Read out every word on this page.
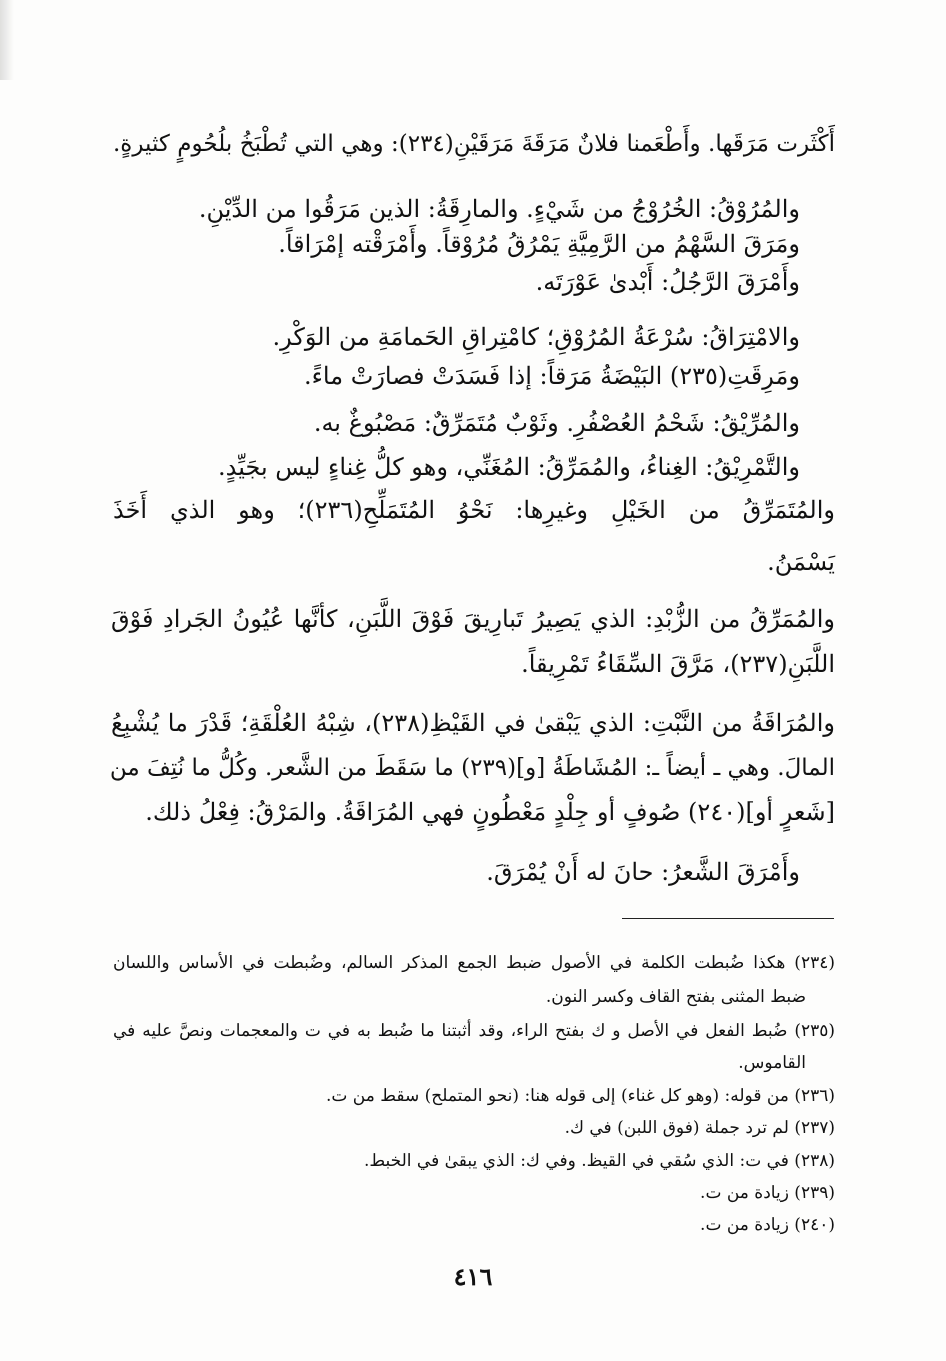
أَكْثَرت مَرَقَها. وأَطْعَمنا فلانٌ مَرَقَةَ مَرَقَيْنِ(٢٣٤): وهي التي تُطْبَخُ بلُحُومٍ كثيرةٍ.
والمُرُوْقُ: الخُرُوْجُ من شَيْءٍ. والمارِقَةُ: الذين مَرَقُوا من الدِّيْنِ.
ومَرَقَ السَّهْمُ من الرَّمِيَّةِ يَمْرُقُ مُرُوْقاً. وأَمْرَقْته إمْرَاقاً.
وأَمْرَقَ الرَّجُلُ: أَبْدىٰ عَوْرَتَه.
والامْتِرَاقُ: سُرْعَةُ المُرُوْقِ؛ كامْتِراقِ الحَمامَةِ من الوَكْرِ.
ومَرِقَتِ(٢٣٥) البَيْضَةُ مَرَقاً: إذا فَسَدَتْ فصارَتْ ماءً.
والمُرِّيْقُ: شَحْمُ العُصْفُرِ. وثَوْبٌ مُتَمَرِّقٌ: مَصْبُوغٌ به.
والتَّمْرِيْقُ: الغِناءُ، والمُمَرِّقُ: المُغَنِّي، وهو كلُّ غِناءٍ ليس بجَيِّدٍ.
والمُتَمَرِّقُ من الخَيْلِ وغيرِها: نَحْوُ المُتَمَلِّحِ(٢٣٦)؛ وهو الذي أَخَذَ
يَسْمَنُ.
والمُمَرِّقُ من الزُّبْدِ: الذي يَصِيرُ تَبارِيقَ فَوْقَ اللَّبَنِ، كأنَّها عُيُونُ الجَرادِ فَوْقَ
اللَّبَنِ(٢٣٧)، مَرَّقَ السِّقَاءُ تَمْرِيقاً.
والمُرَاقَةُ من النَّبْتِ: الذي يَبْقىٰ في القَيْظِ(٢٣٨)، شِبْهُ العُلْقَةِ؛ قَدْرَ ما يُشْبِعُ
المالَ. وهي ـ أيضاً ـ: المُشَاطَةُ [و](٢٣٩) ما سَقَطَ من الشَّعر. وكُلُّ ما نُتِفَ من
[شَعرٍ أو](٢٤٠) صُوفٍ أو جِلْدٍ مَعْطُونٍ فهي المُرَاقَةُ. والمَرْقُ: فِعْلُ ذلك.
وأَمْرَقَ الشَّعرُ: حانَ له أَنْ يُمْرَقَ.
(٢٣٤) هكذا ضُبطت الكلمة في الأصول ضبط الجمع المذكر السالم، وضُبطت في الأساس واللسان
ضبط المثنى بفتح القاف وكسر النون.
(٢٣٥) ضُبط الفعل في الأصل و ك بفتح الراء، وقد أثبتنا ما ضُبط به في ت والمعجمات ونصَّ عليه في
القاموس.
(٢٣٦) من قوله: (وهو كل غناء) إلى قوله هنا: (نحو المتملح) سقط من ت.
(٢٣٧) لم ترد جملة (فوق اللبن) في ك.
(٢٣٨) في ت: الذي سُقي في القيظ. وفي ك: الذي يبقىٰ في الخبط.
(٢٣٩) زيادة من ت.
(٢٤٠) زيادة من ت.
٤١٦
